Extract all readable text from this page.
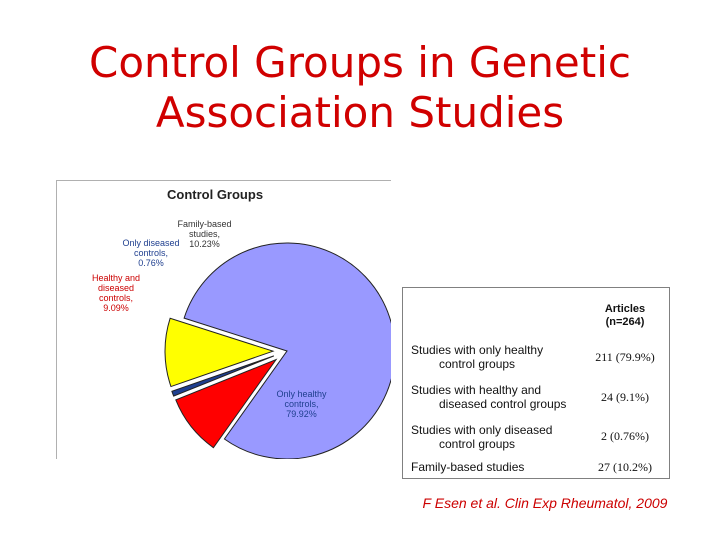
Control Groups in Genetic
Association Studies
Control Groups
Family-based
studies,
10.23%
Only diseased
controls,
0.76%
Healthy and
diseased
controls,
9.09%
Only healthy
controls,
79.92%

	Articles
(n=264)

Studies with only healthy
control groups	211 (79.9%)
Studies with healthy and
diseased control groups	24 (9.1%)
Studies with only diseased
control groups	2 (0.76%)
Family-based studies	27 (10.2%)
F Esen et al. Clin Exp Rheumatol, 2009
